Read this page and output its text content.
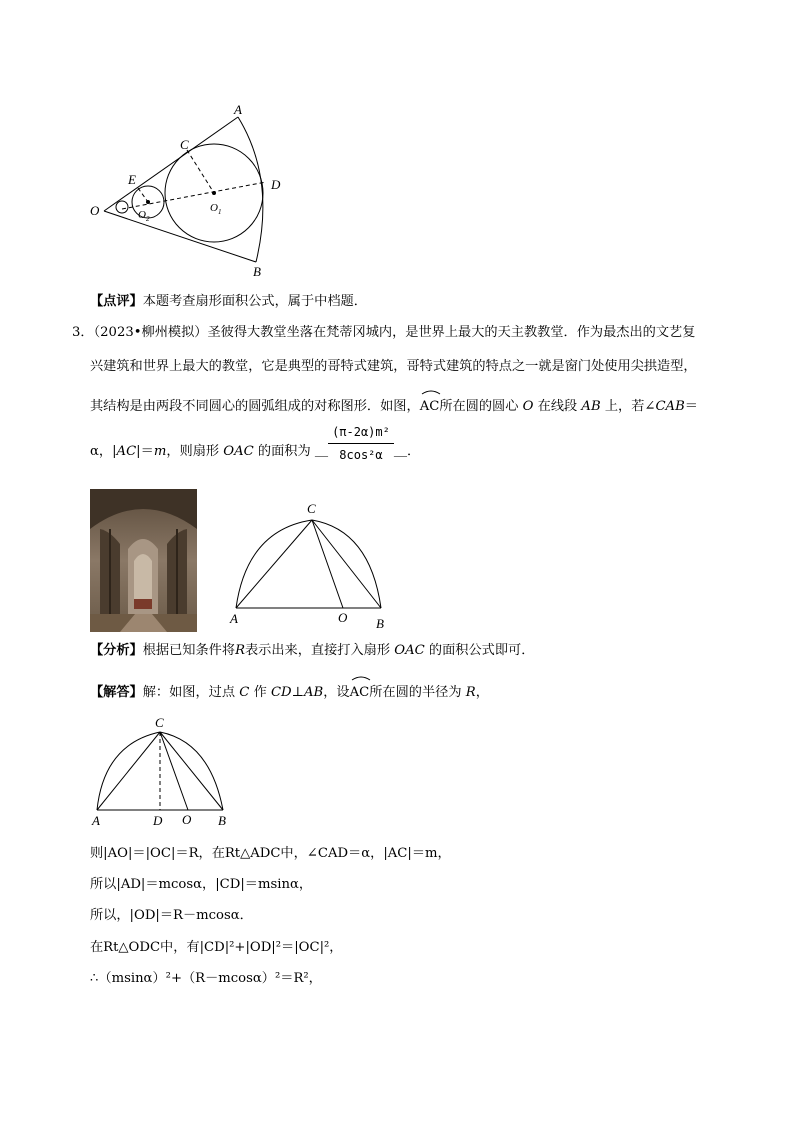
A
C
E	D
O	$O_2$
$O_1$
B
【点评】本题考查扇形面积公式，属于中档题．
3．（2023•柳州模拟）圣彼得大教堂坐落在梵蒂冈城内，是世界上最大的天主教教堂．作为最杰出的文艺复
兴建筑和世界上最大的教堂，它是典型的哥特式建筑，哥特式建筑的特点之一就是窗门处使用尖拱造型，
其结构是由两段不同圆心的圆弧组成的对称图形．如图，
AC所在圆的圆心 O 在线段 AB 上，若∠CAB＝
α，|AC|＝m，则扇形 OAC 的面积为 ＿ $\frac{\text{(π-2α)m²}}{\text{8cos²α}}$ ＿．
C
A	O B
【分析】根据已知条件将R表示出来，直接打入扇形 OAC 的面积公式即可．
【解答】解：如图，过点 C 作 CD⊥AB，设
AC所在圆的半径为 R，
C
A	D O B
则|AO|＝|OC|＝R，在Rt△ADC中，∠CAD＝α，|AC|＝m，
所以|AD|＝mcosα，|CD|＝msinα，
所以，|OD|＝R－mcosα．
在Rt△ODC中，有|CD|²+|OD|²＝|OC|²，
∴（msinα）²+（R－mcosα）²＝R²，
